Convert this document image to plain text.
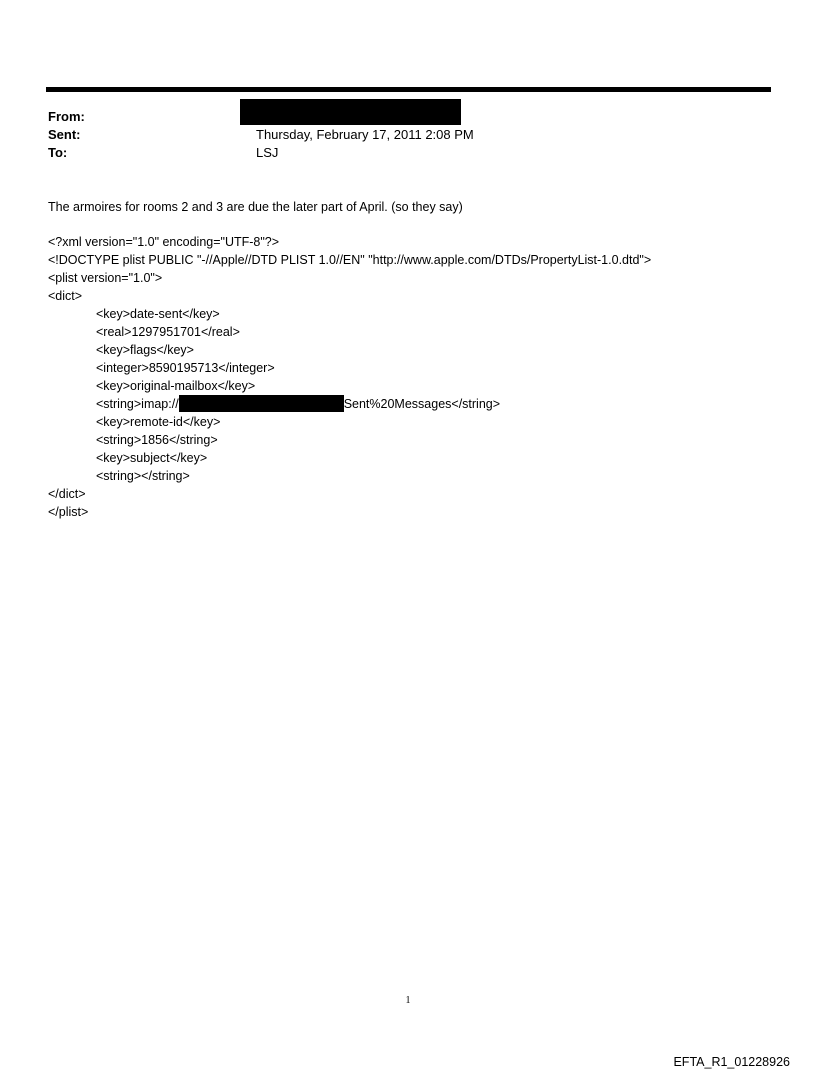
From:
Sent:	Thursday, February 17, 2011 2:08 PM
To:	LSJ
The armoires for rooms 2 and 3 are due the later part of April. (so they say)
<?xml version="1.0" encoding="UTF-8"?>
<!DOCTYPE plist PUBLIC "-//Apple//DTD PLIST 1.0//EN" "http://www.apple.com/DTDs/PropertyList-1.0.dtd">
<plist version="1.0">
<dict>
<key>date-sent</key>
<real>1297951701</real>
<key>flags</key>
<integer>8590195713</integer>
<key>original-mailbox</key>
<string>imap://	Sent%20Messages</string>
<key>remote-id</key>
<string>1856</string>
<key>subject</key>
<string></string>
</dict>
</plist>
1
EFTA_R1_01228926
